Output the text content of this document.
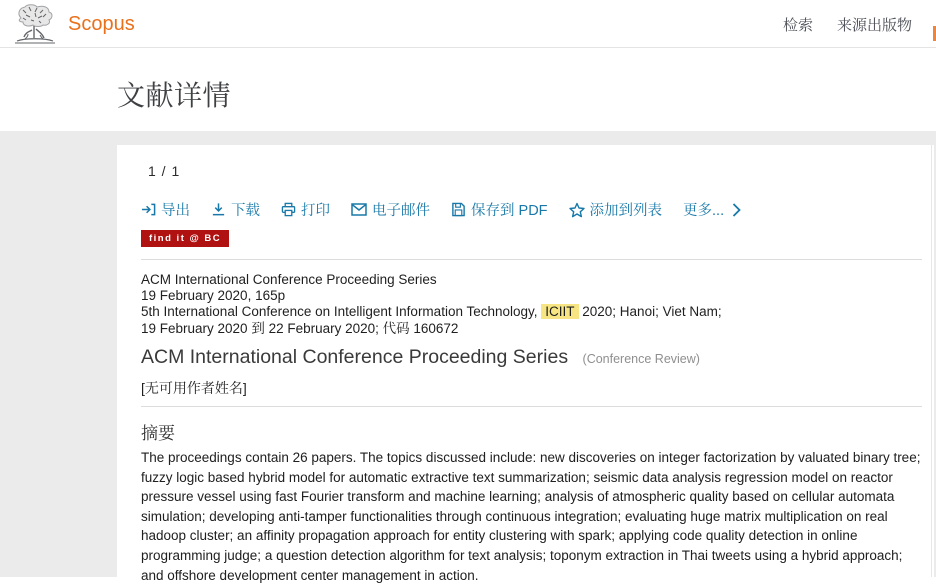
Scopus	检索 来源出版物
文献详情
1 / 1
导出	下载	打印	电子邮件	保存到 PDF	添加到列表 更多...
find it @ BC
ACM International Conference Proceeding Series
19 February 2020, 165p
5th International Conference on Intelligent Information Technology, ICIIT 2020; Hanoi; Viet Nam; 19 February 2020 到 22 February 2020; 代码 160672
ACM International Conference Proceeding Series (Conference Review)
[无可用作者姓名]
摘要

The proceedings contain 26 papers. The topics discussed include: new discoveries on integer factorization by valuated binary tree; fuzzy logic based hybrid model for automatic extractive text summarization; seismic data analysis regression model on reactor pressure vessel using fast Fourier transform and machine learning; analysis of atmospheric quality based on cellular automata simulation; developing anti-tamper functionalities through continuous integration; evaluating huge matrix multiplication on real hadoop cluster; an affinity propagation approach for entity clustering with spark; applying code quality detection in online programming judge; a question detection algorithm for text analysis; toponym extraction in Thai tweets using a hybrid approach; and offshore development center management in action.
